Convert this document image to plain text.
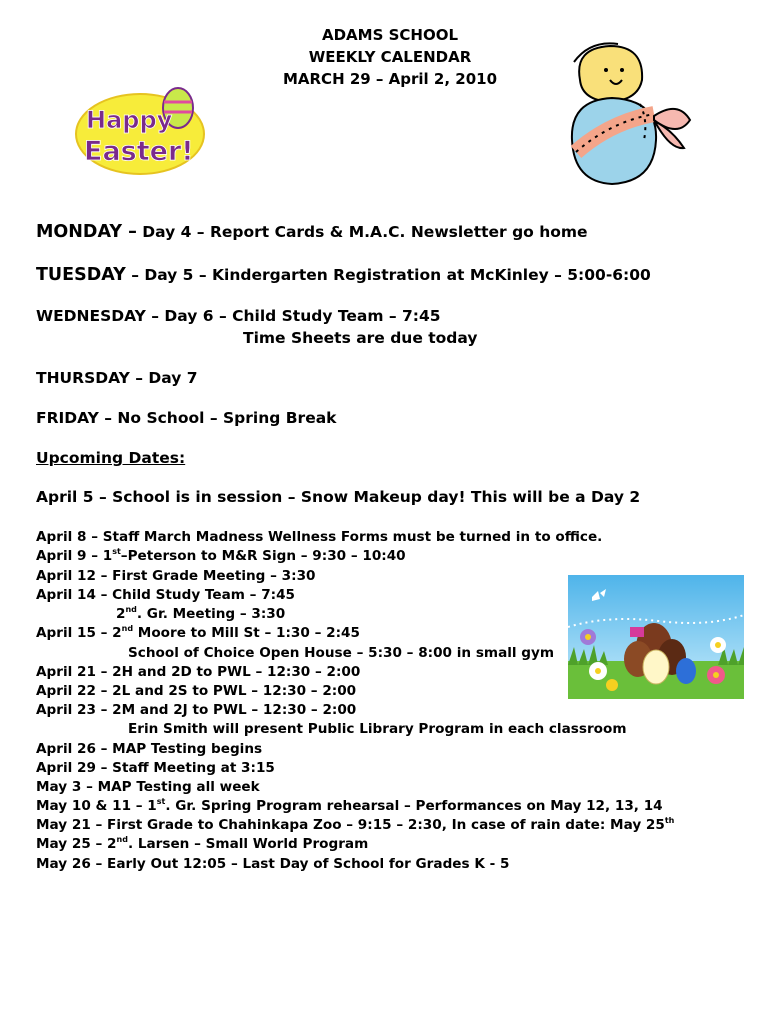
ADAMS SCHOOL
WEEKLY CALENDAR
MARCH 29 – April 2, 2010
Happy
Easter!
MONDAY – Day 4 – Report Cards & M.A.C. Newsletter go home
TUESDAY – Day 5 – Kindergarten Registration at McKinley – 5:00-6:00
WEDNESDAY – Day 6 – Child Study Team – 7:45
Time Sheets are due today
THURSDAY – Day 7
FRIDAY – No School – Spring Break
Upcoming Dates:
April 5 – School is in session – Snow Makeup day! This will be a Day 2
April 8 – Staff March Madness Wellness Forms must be turned in to office.
April 9 – 1st–Peterson to M&R Sign – 9:30 – 10:40
April 12 – First Grade Meeting – 3:30
April 14 – Child Study Team – 7:45
2nd. Gr. Meeting – 3:30
April 15 – 2nd Moore to Mill St – 1:30 – 2:45
School of Choice Open House – 5:30 – 8:00 in small gym
April 21 – 2H and 2D to PWL – 12:30 – 2:00
April 22 – 2L and 2S to PWL – 12:30 – 2:00
April 23 – 2M and 2J to PWL – 12:30 – 2:00
Erin Smith will present Public Library Program in each classroom
April 26 – MAP Testing begins
April 29 – Staff Meeting at 3:15
May 3 – MAP Testing all week
May 10 & 11 – 1st. Gr. Spring Program rehearsal – Performances on May 12, 13, 14
May 21 – First Grade to Chahinkapa Zoo – 9:15 – 2:30, In case of rain date: May 25th
May 25 – 2nd. Larsen – Small World Program
May 26 – Early Out 12:05 – Last Day of School for Grades K - 5
